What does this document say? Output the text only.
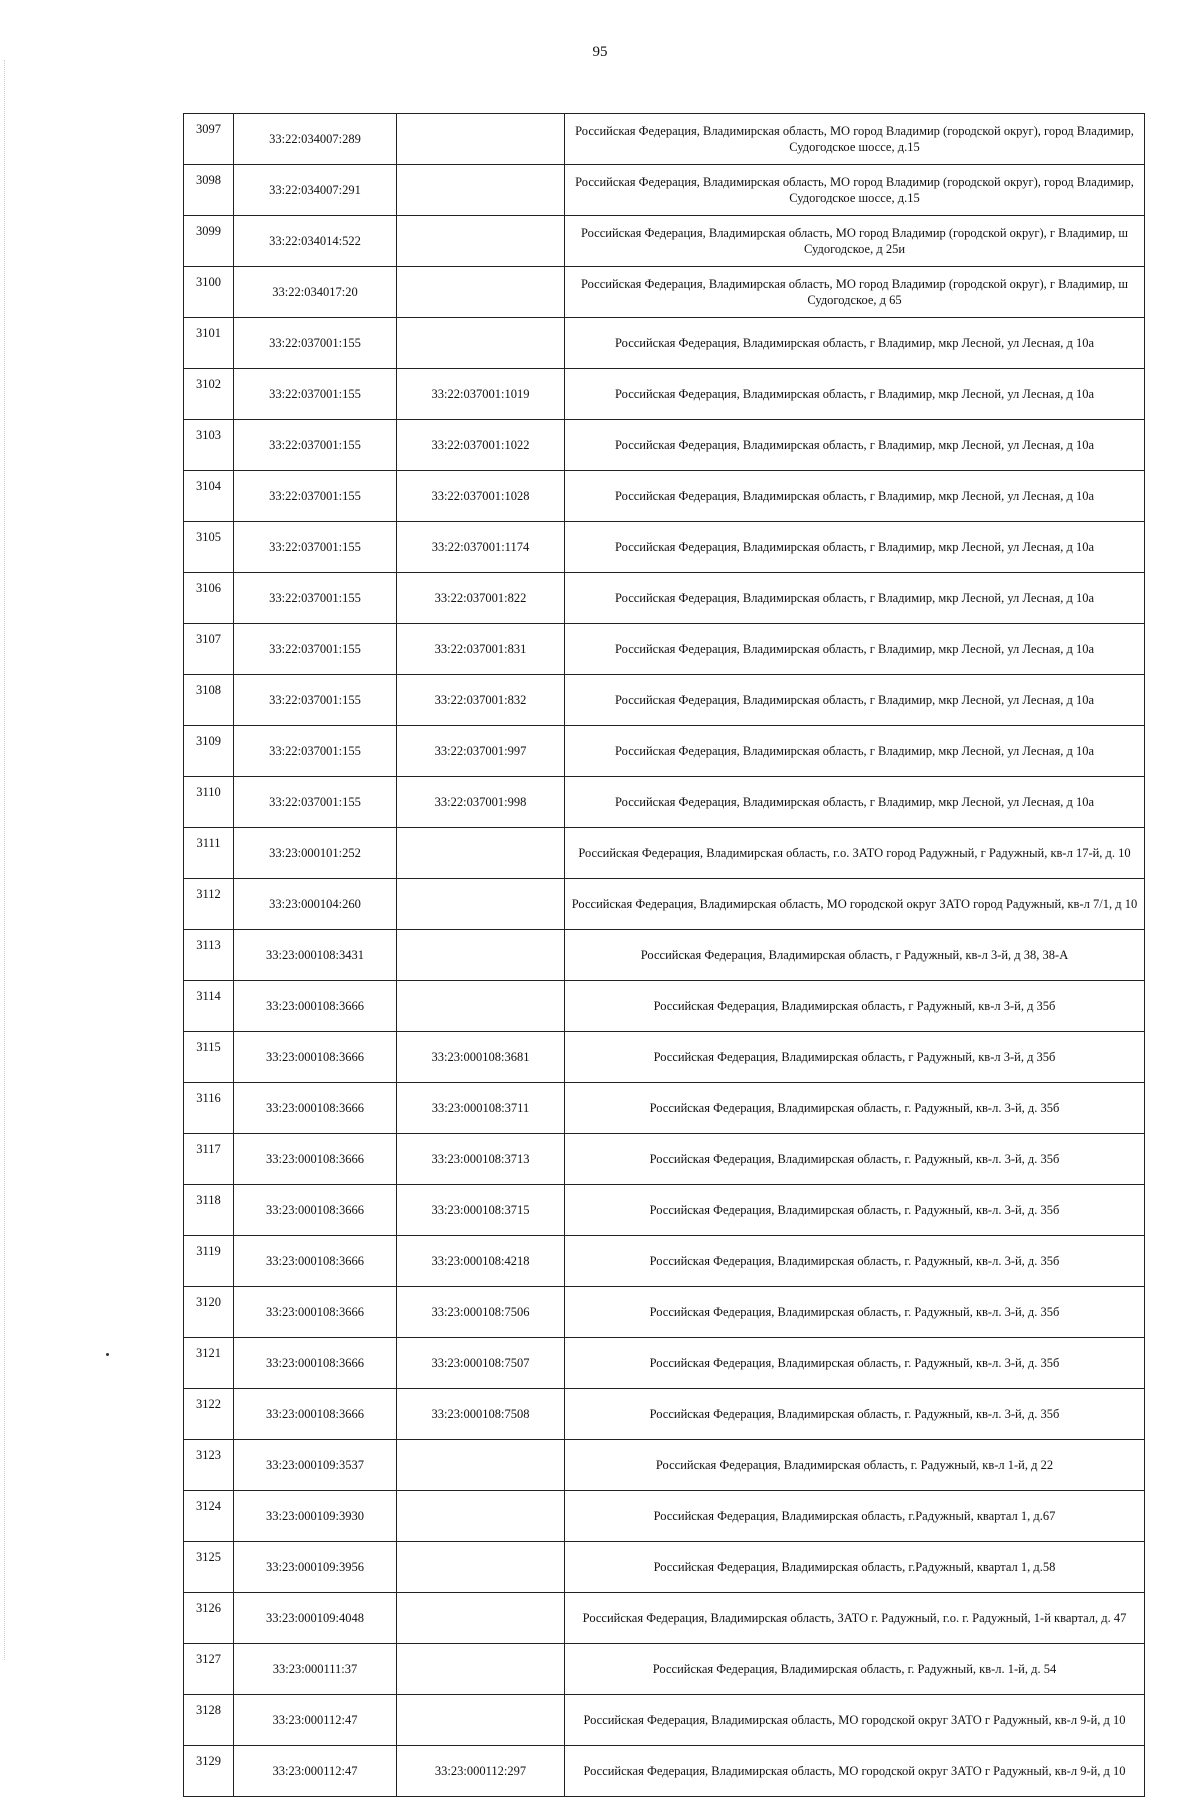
95
3097	33:22:034007:289		Российская Федерация, Владимирская область, МО город Владимир (городской округ), город Владимир, Судогодское шоссе, д.15
3098	33:22:034007:291		Российская Федерация, Владимирская область, МО город Владимир (городской округ), город Владимир, Судогодское шоссе, д.15
3099	33:22:034014:522		Российская Федерация, Владимирская область, МО город Владимир (городской округ), г Владимир, ш Судогодское, д 25и
3100	33:22:034017:20		Российская Федерация, Владимирская область, МО город Владимир (городской округ), г Владимир, ш Судогодское, д 65
3101	33:22:037001:155		Российская Федерация, Владимирская область, г Владимир, мкр Лесной, ул Лесная, д 10а
3102	33:22:037001:155	33:22:037001:1019	Российская Федерация, Владимирская область, г Владимир, мкр Лесной, ул Лесная, д 10а
3103	33:22:037001:155	33:22:037001:1022	Российская Федерация, Владимирская область, г Владимир, мкр Лесной, ул Лесная, д 10а
3104	33:22:037001:155	33:22:037001:1028	Российская Федерация, Владимирская область, г Владимир, мкр Лесной, ул Лесная, д 10а
3105	33:22:037001:155	33:22:037001:1174	Российская Федерация, Владимирская область, г Владимир, мкр Лесной, ул Лесная, д 10а
3106	33:22:037001:155	33:22:037001:822	Российская Федерация, Владимирская область, г Владимир, мкр Лесной, ул Лесная, д 10а
3107	33:22:037001:155	33:22:037001:831	Российская Федерация, Владимирская область, г Владимир, мкр Лесной, ул Лесная, д 10а
3108	33:22:037001:155	33:22:037001:832	Российская Федерация, Владимирская область, г Владимир, мкр Лесной, ул Лесная, д 10а
3109	33:22:037001:155	33:22:037001:997	Российская Федерация, Владимирская область, г Владимир, мкр Лесной, ул Лесная, д 10а
3110	33:22:037001:155	33:22:037001:998	Российская Федерация, Владимирская область, г Владимир, мкр Лесной, ул Лесная, д 10а
3111	33:23:000101:252		Российская Федерация, Владимирская область, г.о. ЗАТО город Радужный, г Радужный, кв-л 17-й, д. 10
3112	33:23:000104:260		Российская Федерация, Владимирская область, МО городской округ ЗАТО город Радужный, кв-л 7/1, д 10
3113	33:23:000108:3431		Российская Федерация, Владимирская область, г Радужный, кв-л 3-й, д 38, 38-А
3114	33:23:000108:3666		Российская Федерация, Владимирская область, г Радужный, кв-л 3-й, д 35б
3115	33:23:000108:3666	33:23:000108:3681	Российская Федерация, Владимирская область, г Радужный, кв-л 3-й, д 35б
3116	33:23:000108:3666	33:23:000108:3711	Российская Федерация, Владимирская область, г. Радужный, кв-л. 3-й, д. 35б
3117	33:23:000108:3666	33:23:000108:3713	Российская Федерация, Владимирская область, г. Радужный, кв-л. 3-й, д. 35б
3118	33:23:000108:3666	33:23:000108:3715	Российская Федерация, Владимирская область, г. Радужный, кв-л. 3-й, д. 35б
3119	33:23:000108:3666	33:23:000108:4218	Российская Федерация, Владимирская область, г. Радужный, кв-л. 3-й, д. 35б
3120	33:23:000108:3666	33:23:000108:7506	Российская Федерация, Владимирская область, г. Радужный, кв-л. 3-й, д. 35б
3121	33:23:000108:3666	33:23:000108:7507	Российская Федерация, Владимирская область, г. Радужный, кв-л. 3-й, д. 35б
3122	33:23:000108:3666	33:23:000108:7508	Российская Федерация, Владимирская область, г. Радужный, кв-л. 3-й, д. 35б
3123	33:23:000109:3537		Российская Федерация, Владимирская область, г. Радужный, кв-л 1-й, д 22
3124	33:23:000109:3930		Российская Федерация, Владимирская область, г.Радужный, квартал 1, д.67
3125	33:23:000109:3956		Российская Федерация, Владимирская область, г.Радужный, квартал 1, д.58
3126	33:23:000109:4048		Российская Федерация, Владимирская область, ЗАТО г. Радужный, г.о. г. Радужный, 1-й квартал, д. 47
3127	33:23:000111:37		Российская Федерация, Владимирская область, г. Радужный, кв-л. 1-й, д. 54
3128	33:23:000112:47		Российская Федерация, Владимирская область, МО городской округ ЗАТО г Радужный, кв-л 9-й, д 10
3129	33:23:000112:47	33:23:000112:297	Российская Федерация, Владимирская область, МО городской округ ЗАТО г Радужный, кв-л 9-й, д 10
